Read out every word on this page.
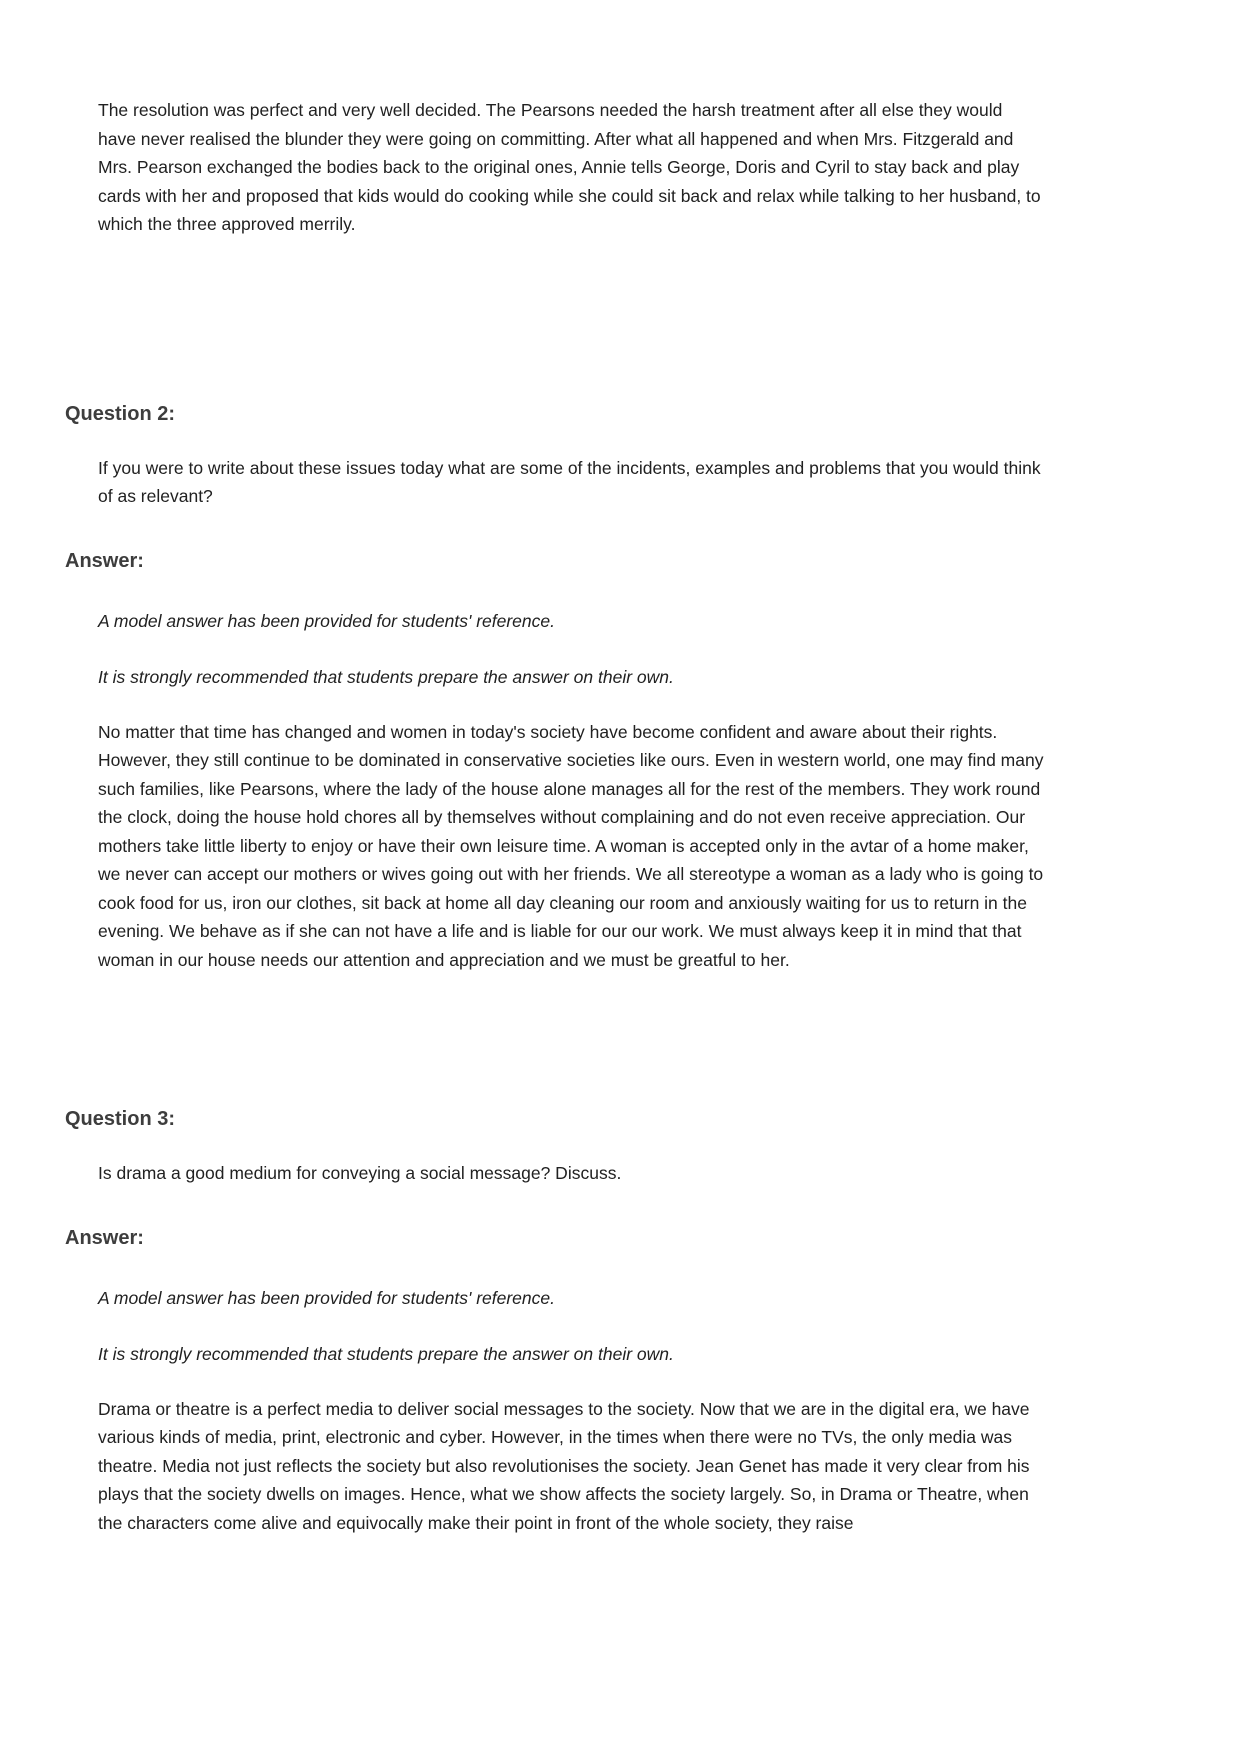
The resolution was perfect and very well decided. The Pearsons needed the harsh treatment after all else they would have never realised the blunder they were going on committing. After what all happened and when Mrs. Fitzgerald and Mrs. Pearson exchanged the bodies back to the original ones, Annie tells George, Doris and Cyril to stay back and play cards with her and proposed that kids would do cooking while she could sit back and relax while talking to her husband, to which the three approved merrily.

Question 2:

If you were to write about these issues today what are some of the incidents, examples and problems that you would think of as relevant?

Answer:

A model answer has been provided for students' reference.

It is strongly recommended that students prepare the answer on their own.

No matter that time has changed and women in today's society have become confident and aware about their rights. However, they still continue to be dominated in conservative societies like ours. Even in western world, one may find many such families, like Pearsons, where the lady of the house alone manages all for the rest of the members. They work round the clock, doing the house hold chores all by themselves without complaining and do not even receive appreciation. Our mothers take little liberty to enjoy or have their own leisure time. A woman is accepted only in the avtar of a home maker, we never can accept our mothers or wives going out with her friends. We all stereotype a woman as a lady who is going to cook food for us, iron our clothes, sit back at home all day cleaning our room and anxiously waiting for us to return in the evening. We behave as if she can not have a life and is liable for our our work. We must always keep it in mind that that woman in our house needs our attention and appreciation and we must be greatful to her.

Question 3:

Is drama a good medium for conveying a social message? Discuss.

Answer:

A model answer has been provided for students' reference.

It is strongly recommended that students prepare the answer on their own.

Drama or theatre is a perfect media to deliver social messages to the society. Now that we are in the digital era, we have various kinds of media, print, electronic and cyber. However, in the times when there were no TVs, the only media was theatre. Media not just reflects the society but also revolutionises the society. Jean Genet has made it very clear from his plays that the society dwells on images. Hence, what we show affects the society largely. So, in Drama or Theatre, when the characters come alive and equivocally make their point in front of the whole society, they raise
